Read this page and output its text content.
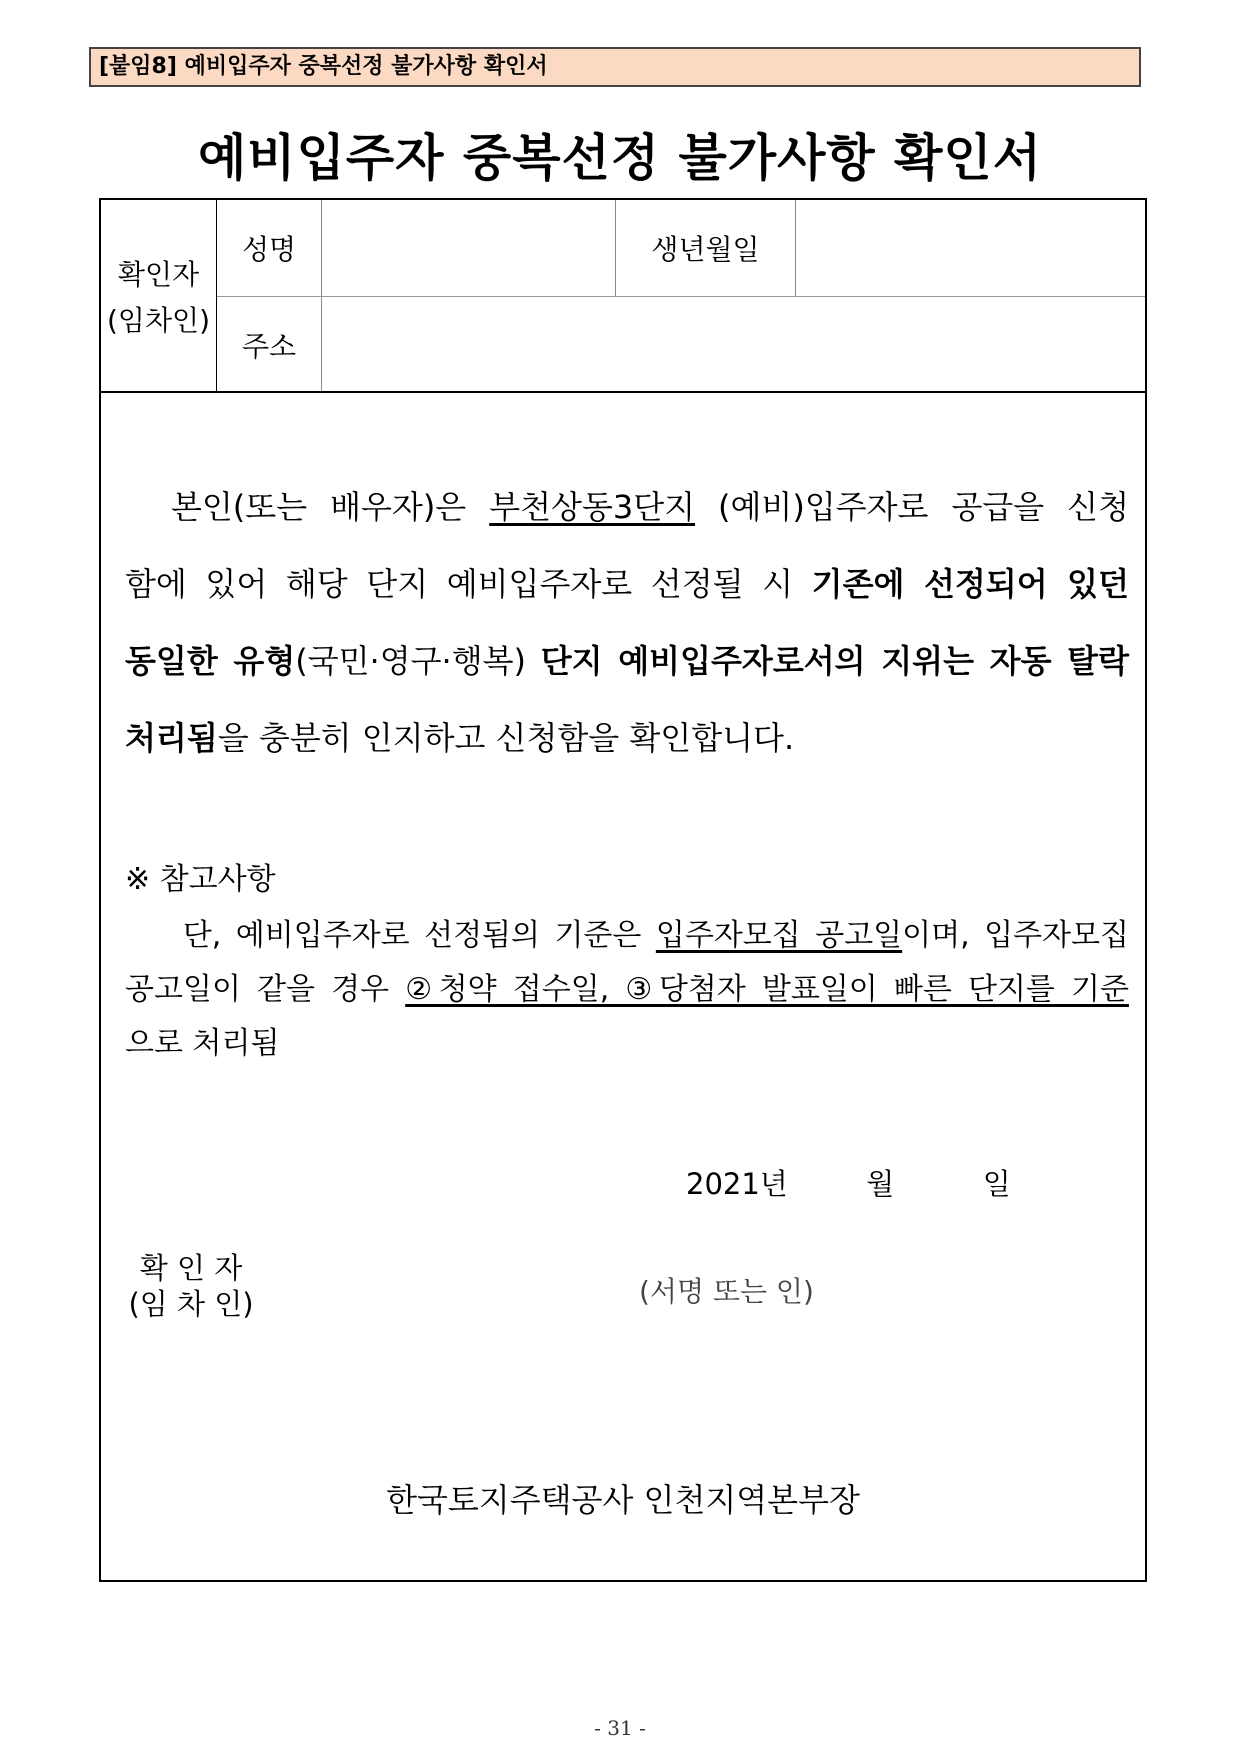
[붙임8] 예비입주자 중복선정 불가사항 확인서
예비입주자 중복선정 불가사항 확인서
확인자
(임차인)
성명	생년월일
주소
본인(또는 배우자)은 부천상동3단지 (예비)입주자로 공급을 신청
함에 있어 해당 단지 예비입주자로 선정될 시 기존에 선정되어 있던
동일한 유형(국민·영구·행복) 단지 예비입주자로서의 지위는 자동 탈락
처리됨을 충분히 인지하고 신청함을 확인합니다.
※ 참고사항
단, 예비입주자로 선정됨의 기준은 입주자모집 공고일이며, 입주자모집
공고일이 같을 경우 ②청약 접수일, ③당첨자 발표일이 빠른 단지를 기준
으로 처리됨
2021년	월	일
확 인 자
(임 차 인)	(서명 또는 인)
한국토지주택공사 인천지역본부장
- 31 -
